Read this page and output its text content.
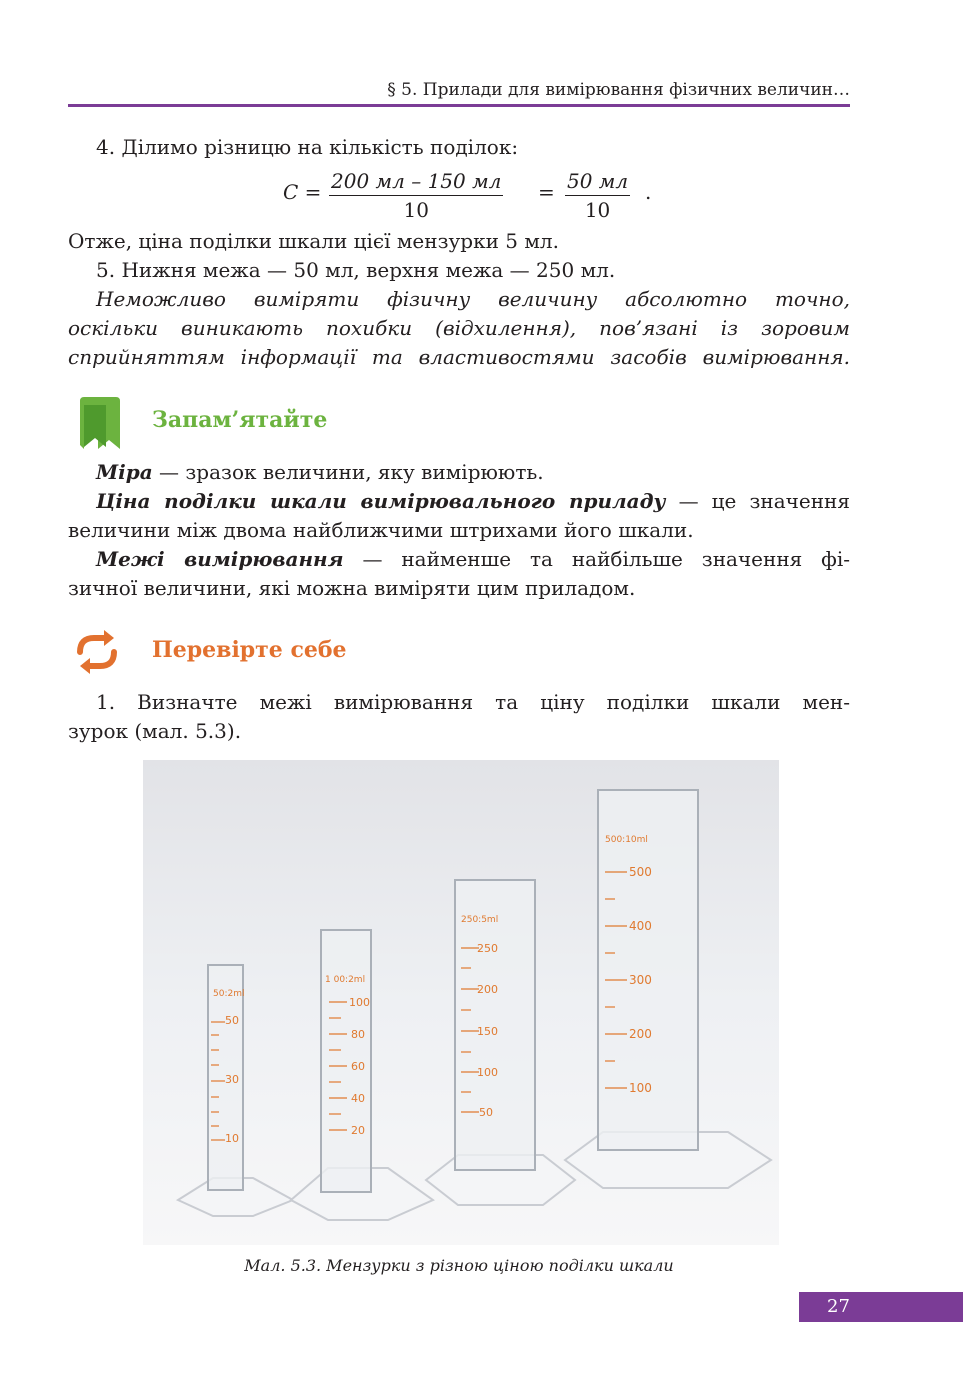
§ 5. Прилади для вимірювання фізичних величин…
4. Ділимо різницю на кількість поділок:
C = 200 мл – 150 мл
10
= 50 мл
10
.
Отже, ціна поділки шкали цієї мензурки 5 мл.
5. Нижня межа — 50 мл, верхня межа — 250 мл.
Неможливо виміряти фізичну величину абсолютно точно,
оскільки виникають похибки (відхилення), пов’язані із зоровим
сприйняттям інформації та властивостями засобів вимірювання.
Запам’ятайте
Міра — зразок величини, яку вимірюють.
Ціна поділки шкали вимірювального приладу — це значення
величини між двома найближчими штрихами його шкали.
Межі вимірювання — найменше та найбільше значення фі-
зичної величини, які можна виміряти цим приладом.
Перевірте себе
1. Визначте межі вимірювання та ціну поділки шкали мен-
зурок (мал. 5.3).
50:2ml
50
30
10
1 00:2ml
100
80
60
40
20
250:5ml
250
200
150
100
50
500:10ml
500
400
300
200
100
Мал. 5.3. Мензурки з різною ціною поділки шкали
27
